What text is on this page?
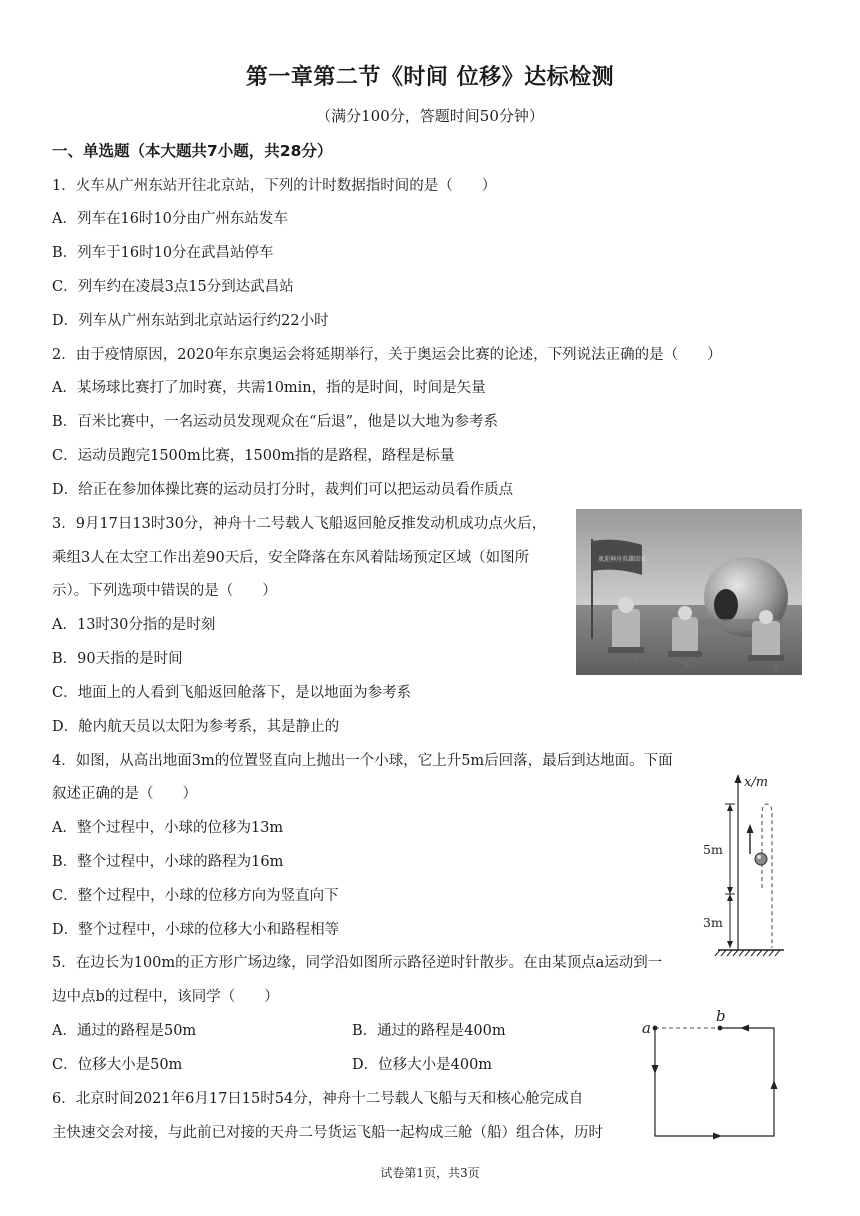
第一章第二节《时间 位移》达标检测
（满分100分，答题时间50分钟）
一、单选题（本大题共7小题，共28分）
1．火车从广州东站开往北京站，下列的计时数据指时间的是（　　）
A．列车在16时10分由广州东站发车
B．列车于16时10分在武昌站停车
C．列车约在凌晨3点15分到达武昌站
D．列车从广州东站到北京站运行约22小时
2．由于疫情原因，2020年东京奥运会将延期举行，关于奥运会比赛的论述，下列说法正确的是（　　）
A．某场球比赛打了加时赛，共需10min，指的是时间，时间是矢量
B．百米比赛中，一名运动员发现观众在“后退”，他是以大地为参考系
C．运动员跑完1500m比赛，1500m指的是路程，路程是标量
D．给正在参加体操比赛的运动员打分时，裁判们可以把运动员看作质点
3．9月17日13时30分，神舟十二号载人飞船返回舱反推发动机成功点火后，
乘组3人在太空工作出差90天后，安全降落在东风着陆场预定区域（如图所
示）。下列选项中错误的是（　　）
A．13时30分指的是时刻
B．90天指的是时间
C．地面上的人看到飞船返回舱落下，是以地面为参考系
D．舱内航天员以太阳为参考系，其是静止的
欢迎神舟英雄回家
4．如图，从高出地面3m的位置竖直向上抛出一个小球，它上升5m后回落，最后到达地面。下面
叙述正确的是（　　）
A．整个过程中，小球的位移为13m
B．整个过程中，小球的路程为16m
C．整个过程中，小球的位移方向为竖直向下
D．整个过程中，小球的位移大小和路程相等
x/m
5m
3m
5．在边长为100m的正方形广场边缘，同学沿如图所示路径逆时针散步。在由某顶点a运动到一
边中点b的过程中，该同学（　　）
A．通过的路程是50m	B．通过的路程是400m
C．位移大小是50m	D．位移大小是400m
a
b
6．北京时间2021年6月17日15时54分，神舟十二号载人飞船与天和核心舱完成自
主快速交会对接，与此前已对接的天舟二号货运飞船一起构成三舱（船）组合体，历时
试卷第1页，共3页
